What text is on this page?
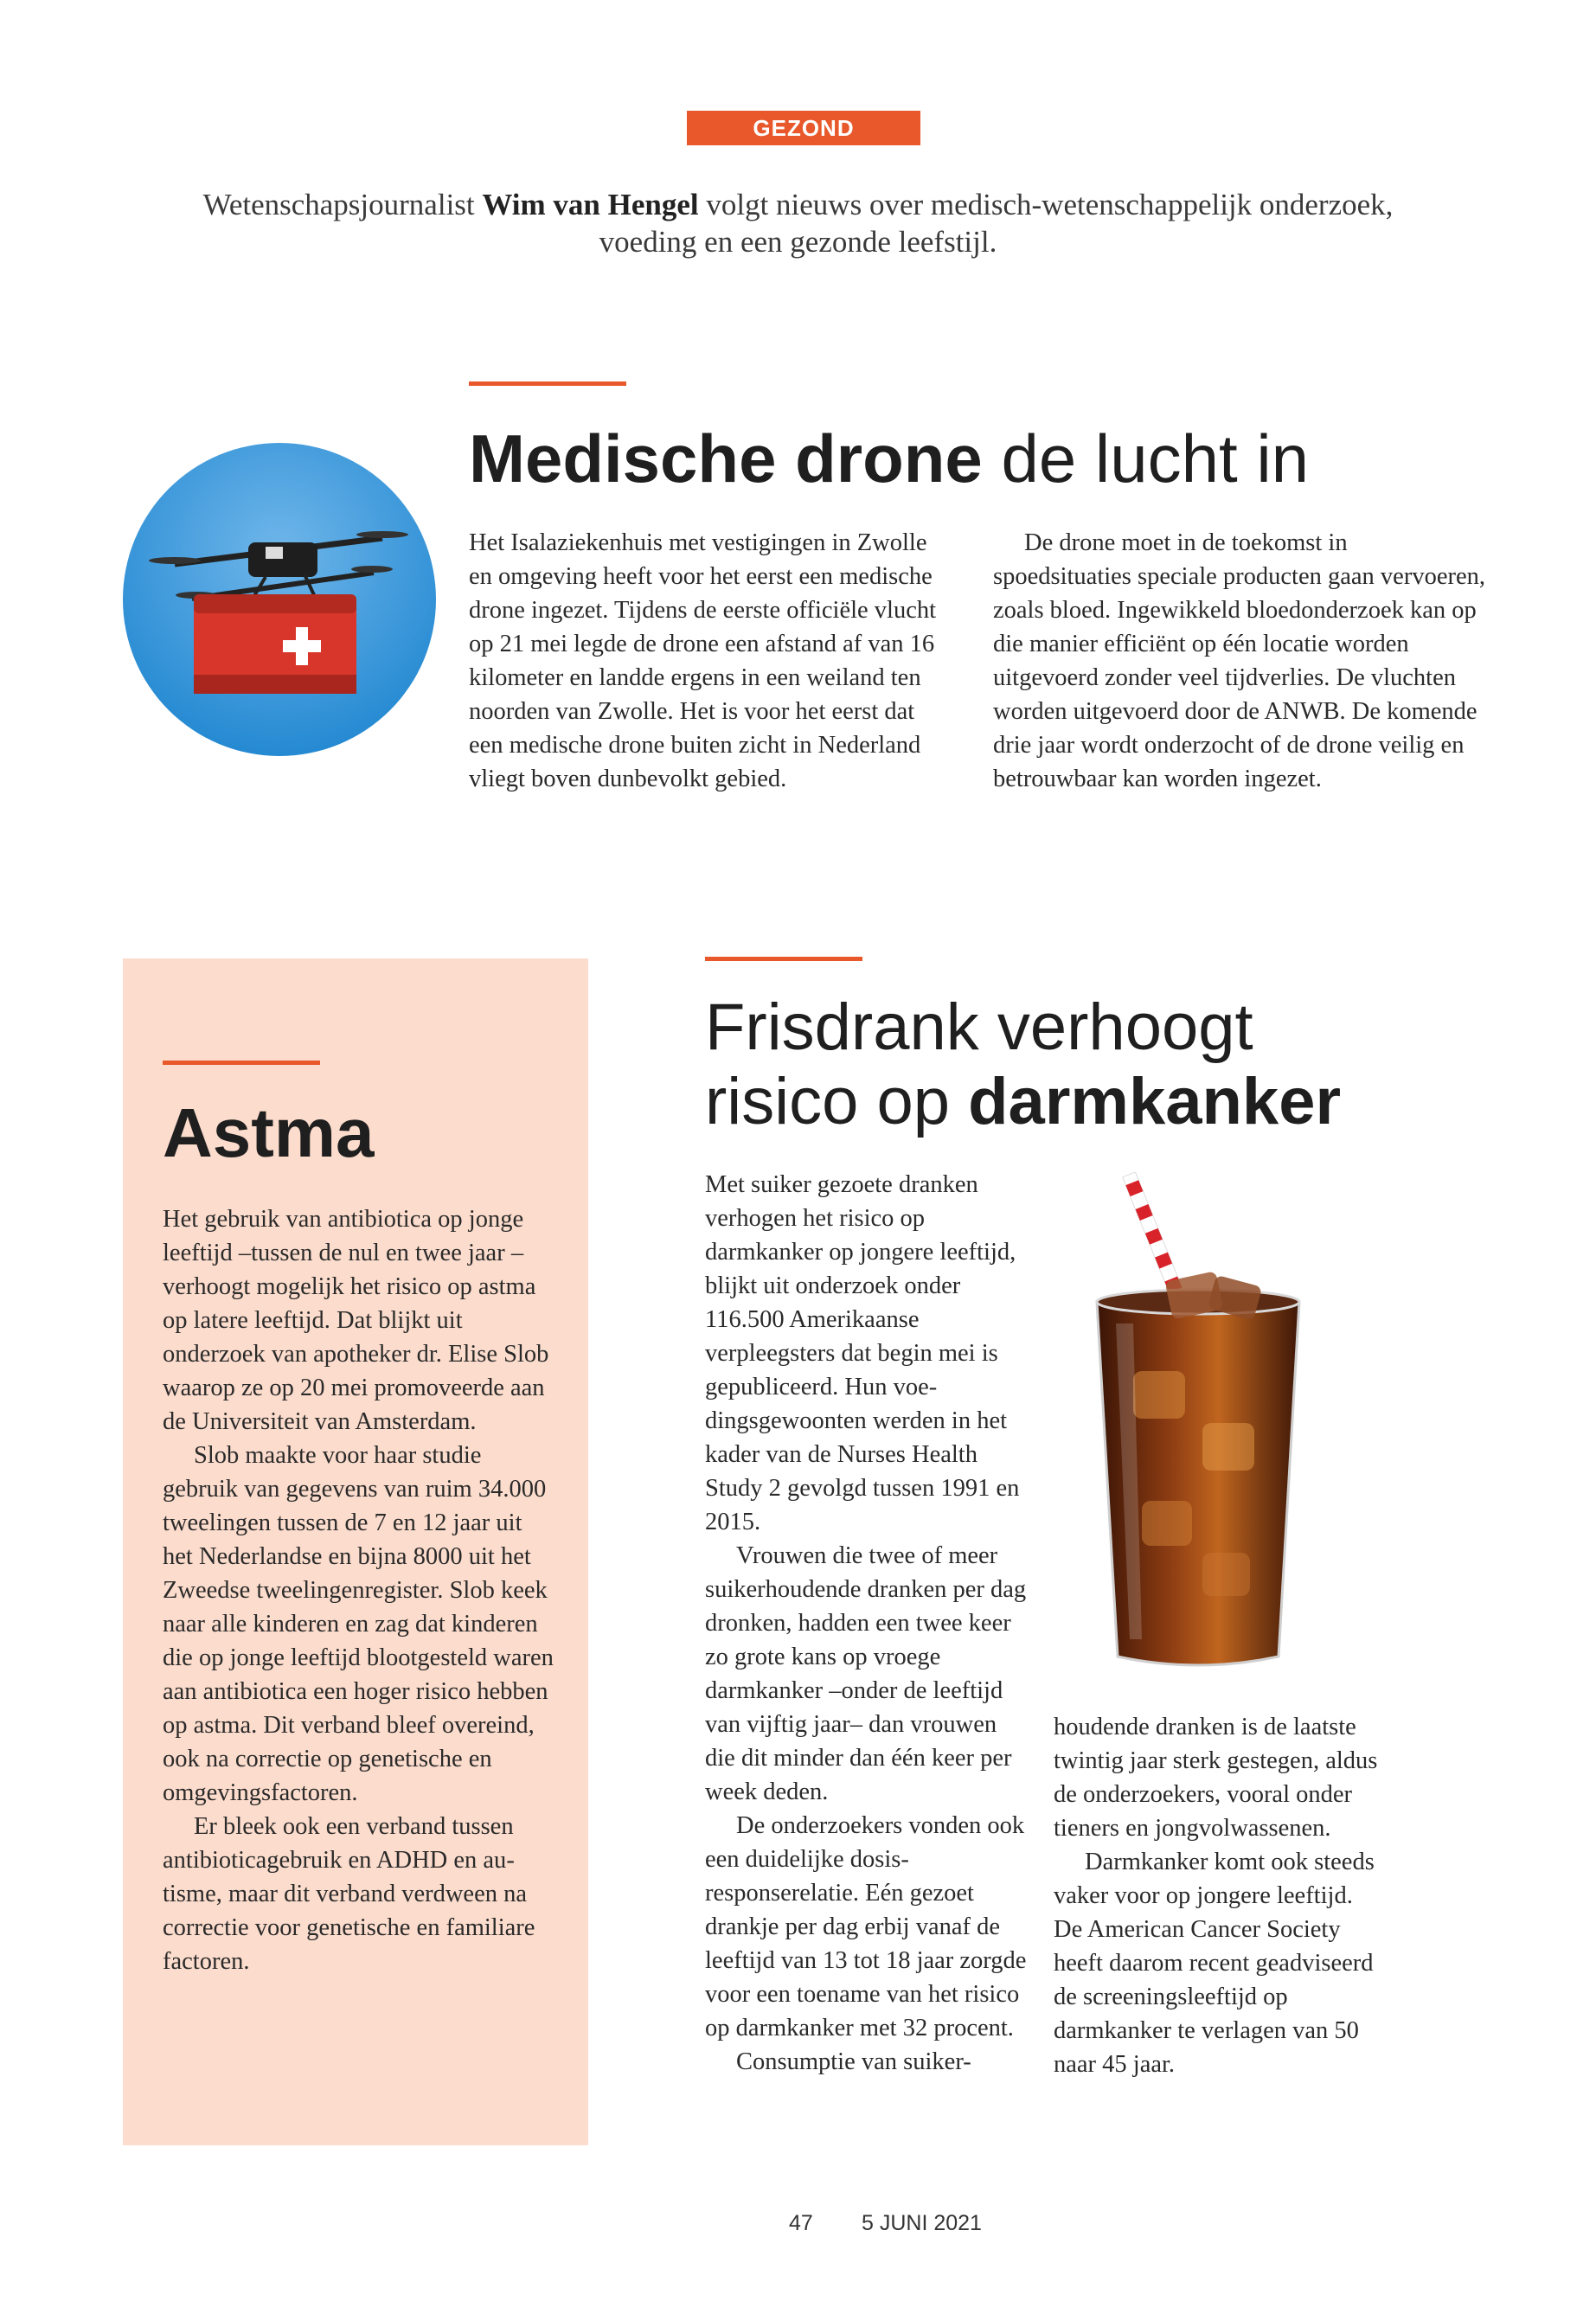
GEZOND
Wetenschapsjournalist Wim van Hengel volgt nieuws over medisch-wetenschappelijk onderzoek, voeding en een gezonde leefstijl.
Medische drone de lucht in

Het Isalaziekenhuis met vestigingen in Zwolle en omgeving heeft voor het eerst een medische drone ingezet. Tijdens de eerste officiële vlucht op 21 mei legde de drone een afstand af van 16 kilometer en landde ergens in een weiland ten noorden van Zwolle. Het is voor het eerst dat een medische drone buiten zicht in Nederland vliegt boven dunbevolkt gebied.

De drone moet in de toekomst in spoedsituaties speciale producten gaan vervoeren, zoals bloed. Ingewikkeld bloedonderzoek kan op die manier efficiënt op één locatie worden uitgevoerd zonder veel tijdverlies. De vluchten worden uitgevoerd door de ANWB. De komende drie jaar wordt onderzocht of de drone veilig en betrouwbaar kan worden ingezet.

Astma

Het gebruik van antibiotica op jonge leeftijd –tussen de nul en twee jaar – verhoogt mogelijk het risico op astma op latere leeftijd. Dat blijkt uit onderzoek van apotheker dr. Elise Slob waarop ze op 20 mei promoveerde aan de Universiteit van Amsterdam.

Slob maakte voor haar studie gebruik van gegevens van ruim 34.000 tweelingen tussen de 7 en 12 jaar uit het Nederlandse en bijna 8000 uit het Zweedse tweelingenregister. Slob keek naar alle kinderen en zag dat kinderen die op jonge leeftijd blootgesteld waren aan antibiotica een hoger risico hebben op astma. Dit verband bleef overeind, ook na correctie op genetische en omgevingsfactoren.

Er bleek ook een verband tussen antibioticagebruik en ADHD en autisme, maar dit verband verdween na correctie voor genetische en familiare factoren.

Frisdrank verhoogt
risico op darmkanker

Met suiker gezoete dranken verhogen het risico op darmkanker op jongere leeftijd, blijkt uit onderzoek onder 116.500 Amerikaanse verpleegsters dat begin mei is gepubliceerd. Hun voedingsgewoonten werden in het kader van de Nurses Health Study 2 gevolgd tussen 1991 en 2015.

Vrouwen die twee of meer suikerhoudende dranken per dag dronken, hadden een twee keer zo grote kans op vroege darmkanker –onder de leeftijd van vijftig jaar– dan vrouwen die dit minder dan één keer per week deden.

De onderzoekers vonden ook een duidelijke dosis-responserelatie. Eén gezoet drankje per dag erbij vanaf de leeftijd van 13 tot 18 jaar zorgde voor een toename van het risico op darmkanker met 32 procent.

Consumptie van suiker-

houdende dranken is de laatste twintig jaar sterk gestegen, aldus de onderzoekers, vooral onder tieners en jongvolwassenen.

Darmkanker komt ook steeds vaker voor op jongere leeftijd. De American Cancer Society heeft daarom recent geadviseerd de screeningsleeftijd op darmkanker te verlagen van 50 naar 45 jaar.

47 5 JUNI 2021
